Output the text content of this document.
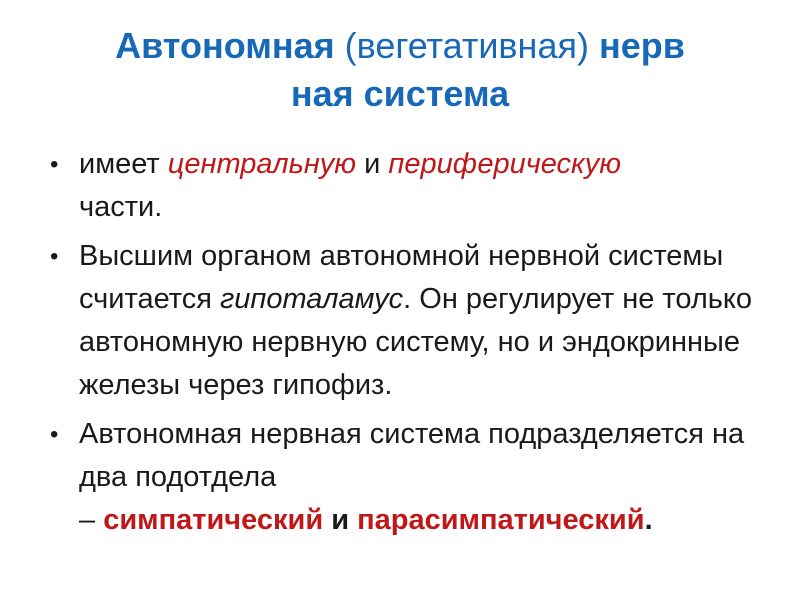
Автономная (вегетативная) нерв
ная система
• имеет центральную и периферическую
части.
• Высшим органом автономной нервной системы считается гипоталамус. Он регулирует не только автономную нервную систему, но и эндокринные железы через гипофиз.
• Автономная нервная система подразделяется на два подотдела
– симпатический и парасимпатический.
